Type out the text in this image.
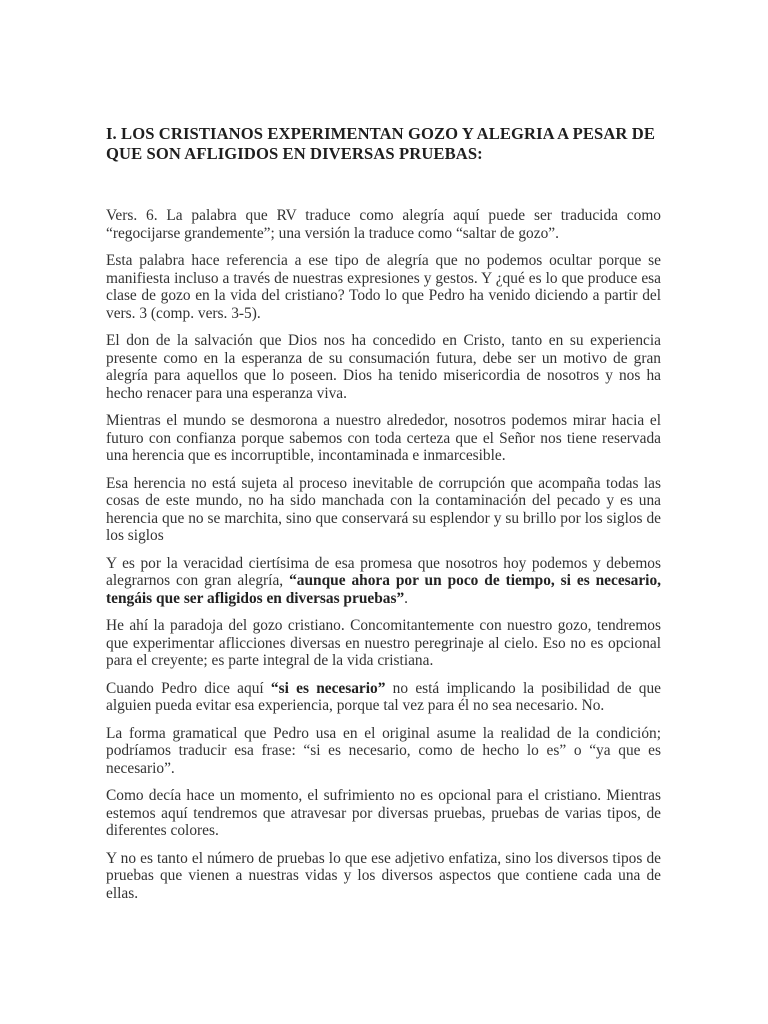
I. LOS CRISTIANOS EXPERIMENTAN GOZO Y ALEGRIA A PESAR DE QUE SON AFLIGIDOS EN DIVERSAS PRUEBAS:

Vers. 6. La palabra que RV traduce como alegría aquí puede ser traducida como “regocijarse grandemente”; una versión la traduce como “saltar de gozo”.

Esta palabra hace referencia a ese tipo de alegría que no podemos ocultar porque se manifiesta incluso a través de nuestras expresiones y gestos. Y ¿qué es lo que produce esa clase de gozo en la vida del cristiano? Todo lo que Pedro ha venido diciendo a partir del vers. 3 (comp. vers. 3-5).

El don de la salvación que Dios nos ha concedido en Cristo, tanto en su experiencia presente como en la esperanza de su consumación futura, debe ser un motivo de gran alegría para aquellos que lo poseen. Dios ha tenido misericordia de nosotros y nos ha hecho renacer para una esperanza viva.

Mientras el mundo se desmorona a nuestro alrededor, nosotros podemos mirar hacia el futuro con confianza porque sabemos con toda certeza que el Señor nos tiene reservada una herencia que es incorruptible, incontaminada e inmarcesible.

Esa herencia no está sujeta al proceso inevitable de corrupción que acompaña todas las cosas de este mundo, no ha sido manchada con la contaminación del pecado y es una herencia que no se marchita, sino que conservará su esplendor y su brillo por los siglos de los siglos

Y es por la veracidad ciertísima de esa promesa que nosotros hoy podemos y debemos alegrarnos con gran alegría, “aunque ahora por un poco de tiempo, si es necesario, tengáis que ser afligidos en diversas pruebas”.

He ahí la paradoja del gozo cristiano. Concomitantemente con nuestro gozo, tendremos que experimentar aflicciones diversas en nuestro peregrinaje al cielo. Eso no es opcional para el creyente; es parte integral de la vida cristiana.

Cuando Pedro dice aquí “si es necesario” no está implicando la posibilidad de que alguien pueda evitar esa experiencia, porque tal vez para él no sea necesario. No.

La forma gramatical que Pedro usa en el original asume la realidad de la condición; podríamos traducir esa frase: “si es necesario, como de hecho lo es” o “ya que es necesario”.

Como decía hace un momento, el sufrimiento no es opcional para el cristiano. Mientras estemos aquí tendremos que atravesar por diversas pruebas, pruebas de varias tipos, de diferentes colores.

Y no es tanto el número de pruebas lo que ese adjetivo enfatiza, sino los diversos tipos de pruebas que vienen a nuestras vidas y los diversos aspectos que contiene cada una de ellas.
